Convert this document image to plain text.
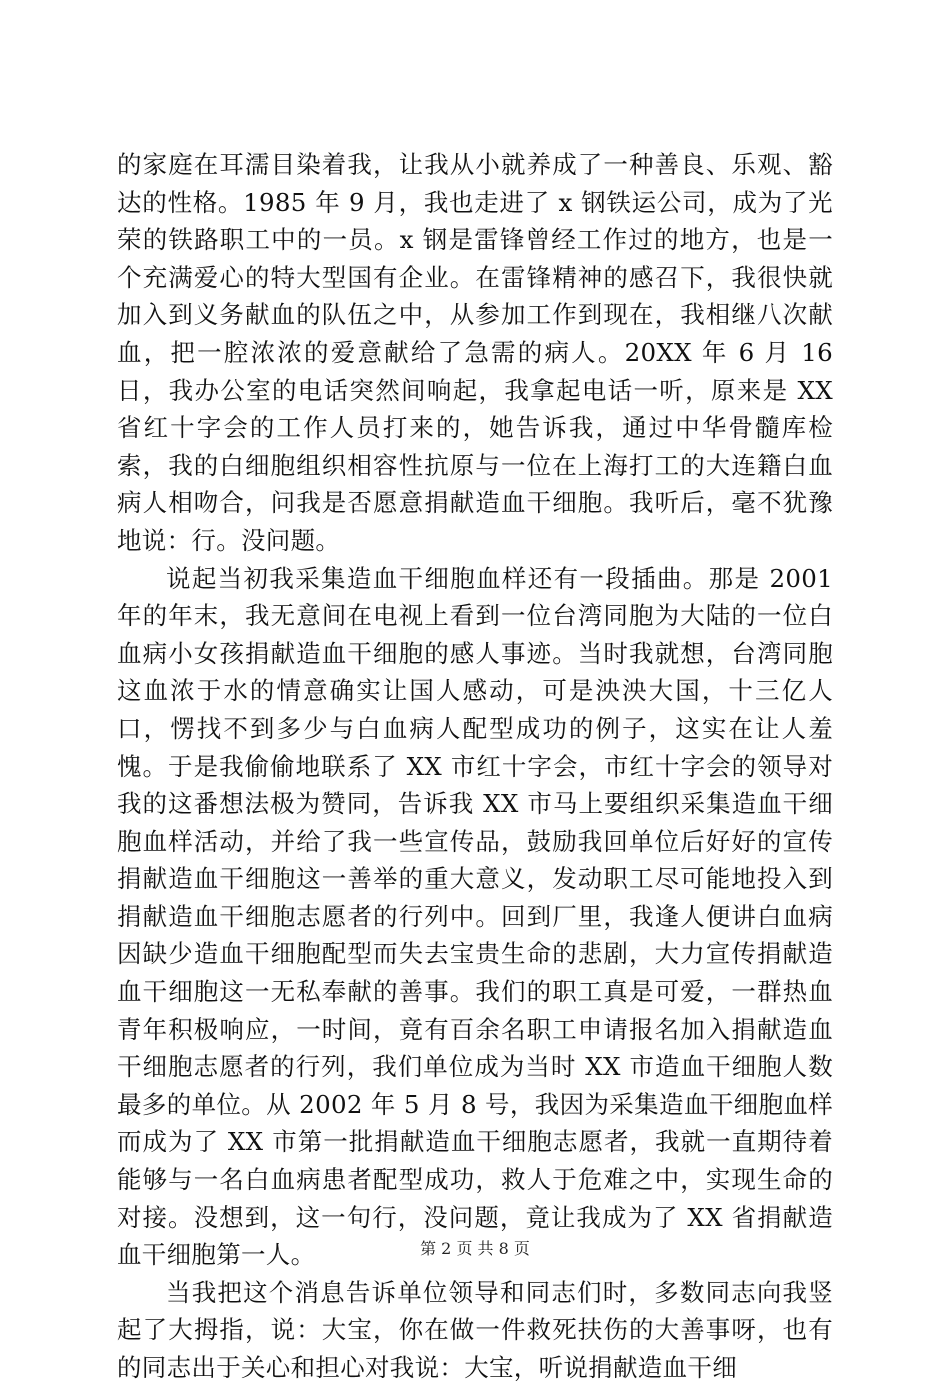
的家庭在耳濡目染着我，让我从小就养成了一种善良、乐观、豁达的性格。1985 年 9 月，我也走进了 x 钢铁运公司，成为了光荣的铁路职工中的一员。x 钢是雷锋曾经工作过的地方，也是一个充满爱心的特大型国有企业。在雷锋精神的感召下，我很快就加入到义务献血的队伍之中，从参加工作到现在，我相继八次献血，把一腔浓浓的爱意献给了急需的病人。20XX 年 6 月 16 日，我办公室的电话突然间响起，我拿起电话一听，原来是 XX 省红十字会的工作人员打来的，她告诉我，通过中华骨髓库检索，我的白细胞组织相容性抗原与一位在上海打工的大连籍白血病人相吻合，问我是否愿意捐献造血干细胞。我听后，毫不犹豫地说：行。没问题。

说起当初我采集造血干细胞血样还有一段插曲。那是 2001 年的年末，我无意间在电视上看到一位台湾同胞为大陆的一位白血病小女孩捐献造血干细胞的感人事迹。当时我就想，台湾同胞这血浓于水的情意确实让国人感动，可是泱泱大国，十三亿人口，愣找不到多少与白血病人配型成功的例子，这实在让人羞愧。于是我偷偷地联系了 XX 市红十字会，市红十字会的领导对我的这番想法极为赞同，告诉我 XX 市马上要组织采集造血干细胞血样活动，并给了我一些宣传品，鼓励我回单位后好好的宣传捐献造血干细胞这一善举的重大意义，发动职工尽可能地投入到捐献造血干细胞志愿者的行列中。回到厂里，我逢人便讲白血病因缺少造血干细胞配型而失去宝贵生命的悲剧，大力宣传捐献造血干细胞这一无私奉献的善事。我们的职工真是可爱，一群热血青年积极响应，一时间，竟有百余名职工申请报名加入捐献造血干细胞志愿者的行列，我们单位成为当时 XX 市造血干细胞人数最多的单位。从 2002 年 5 月 8 号，我因为采集造血干细胞血样而成为了 XX 市第一批捐献造血干细胞志愿者，我就一直期待着能够与一名白血病患者配型成功，救人于危难之中，实现生命的对接。没想到，这一句行，没问题，竟让我成为了 XX 省捐献造血干细胞第一人。

当我把这个消息告诉单位领导和同志们时，多数同志向我竖起了大拇指，说：大宝，你在做一件救死扶伤的大善事呀，也有的同志出于关心和担心对我说：大宝，听说捐献造血干细

第 2 页 共 8 页
